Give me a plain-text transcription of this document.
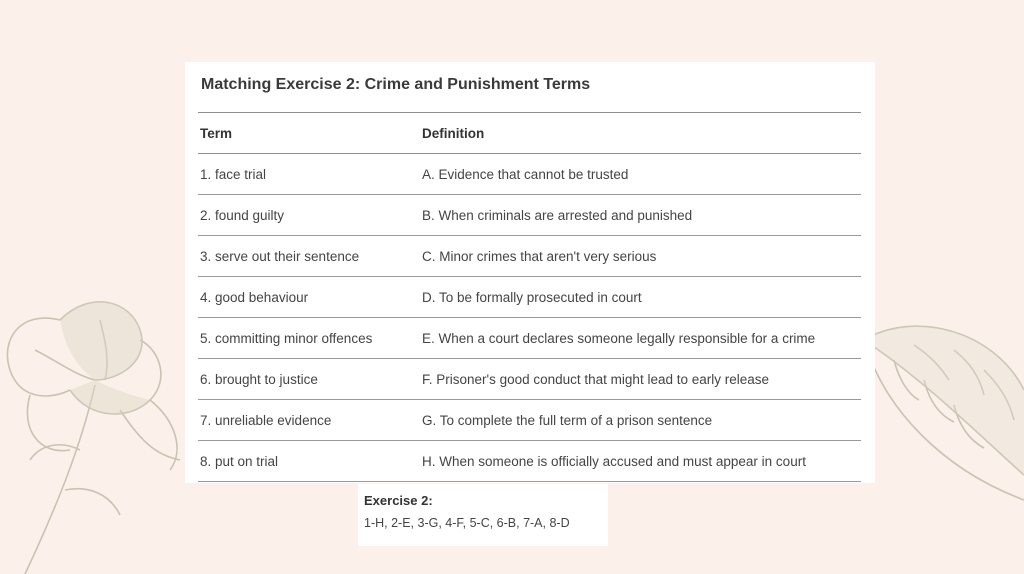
Matching Exercise 2: Crime and Punishment Terms
Term	Definition
1. face trial	A. Evidence that cannot be trusted
2. found guilty	B. When criminals are arrested and punished
3. serve out their sentence	C. Minor crimes that aren't very serious
4. good behaviour	D. To be formally prosecuted in court
5. committing minor offences	E. When a court declares someone legally responsible for a crime
6. brought to justice	F. Prisoner's good conduct that might lead to early release
7. unreliable evidence	G. To complete the full term of a prison sentence
8. put on trial	H. When someone is officially accused and must appear in court
Exercise 2:
1-H, 2-E, 3-G, 4-F, 5-C, 6-B, 7-A, 8-D
